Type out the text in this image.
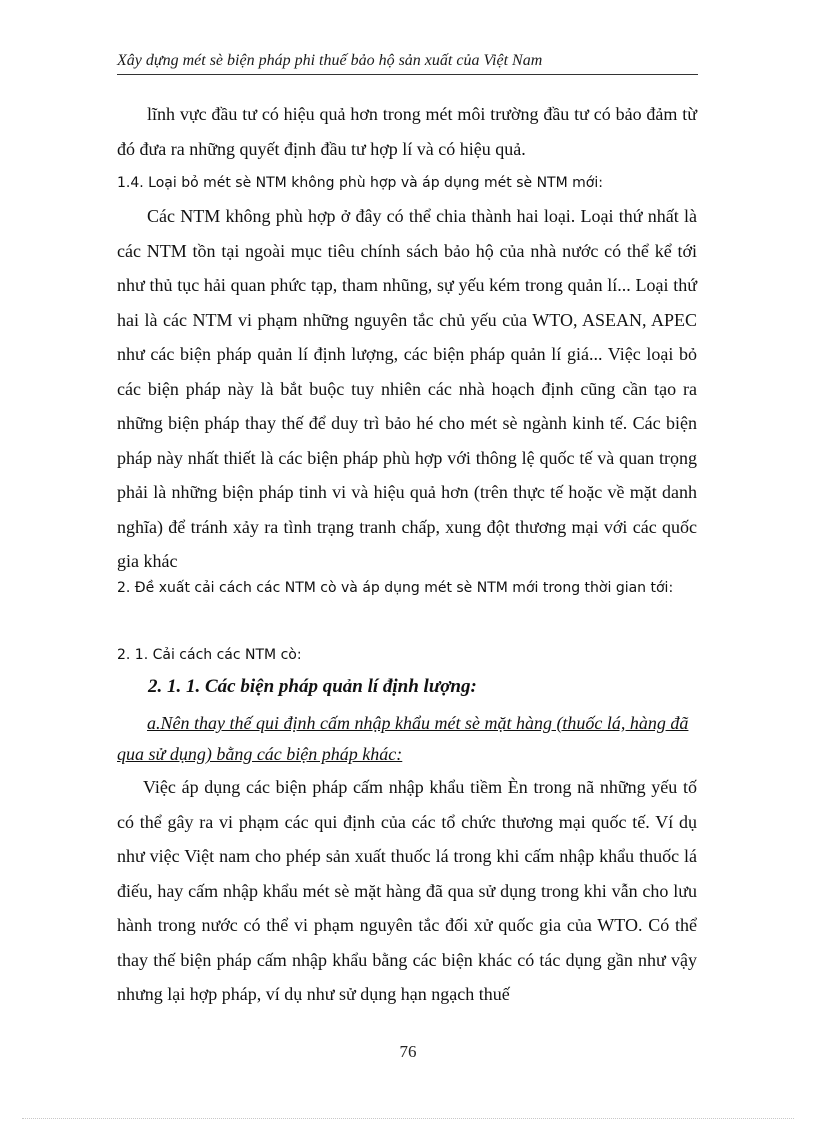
Xây dựng mét sè biện pháp phi thuế bảo hộ sản xuất của Việt Nam
lĩnh vực đầu tư có hiệu quả hơn trong mét môi trường đầu tư có bảo đảm từ đó đưa ra những quyết định đầu tư hợp lí và có hiệu quả.
1.4. Loại bỏ mét sè NTM không phù hợp và áp dụng mét sè NTM mới:
Các NTM không phù hợp ở đây có thể chia thành hai loại. Loại thứ nhất là các NTM tồn tại ngoài mục tiêu chính sách bảo hộ của nhà nước có thể kể tới như thủ tục hải quan phức tạp, tham nhũng, sự yếu kém trong quản lí... Loại thứ hai là các NTM vi phạm những nguyên tắc chủ yếu của WTO, ASEAN, APEC như các biện pháp quản lí định lượng, các biện pháp quản lí giá... Việc loại bỏ các biện pháp này là bắt buộc tuy nhiên các nhà hoạch định cũng cần tạo ra những biện pháp thay thế để duy trì bảo hé cho mét sè ngành kinh tế. Các biện pháp này nhất thiết là các biện pháp phù hợp với thông lệ quốc tế và quan trọng phải là những biện pháp tinh vi và hiệu quả hơn (trên thực tế hoặc về mặt danh nghĩa) để tránh xảy ra tình trạng tranh chấp, xung đột thương mại với các quốc gia khác
2. Đề xuất cải cách các NTM cò và áp dụng mét sè NTM mới trong thời gian tới:
2. 1. Cải cách các NTM cò:
2. 1. 1. Các biện pháp quản lí định lượng:
a.Nên thay thế qui định cấm nhập khẩu mét sè mặt hàng (thuốc lá, hàng đã qua sử dụng) bằng các biện pháp khác:
Việc áp dụng các biện pháp cấm nhập khẩu tiềm Èn trong nã những yếu tố có thể gây ra vi phạm các qui định của các tổ chức thương mại quốc tế. Ví dụ như việc Việt nam cho phép sản xuất thuốc lá trong khi cấm nhập khẩu thuốc lá điếu, hay cấm nhập khẩu mét sè mặt hàng đã qua sử dụng trong khi vẫn cho lưu hành trong nước có thể vi phạm nguyên tắc đối xử quốc gia của WTO. Có thể thay thế biện pháp cấm nhập khẩu bằng các biện khác có tác dụng gần như vậy nhưng lại hợp pháp, ví dụ như sử dụng hạn ngạch thuế
76
